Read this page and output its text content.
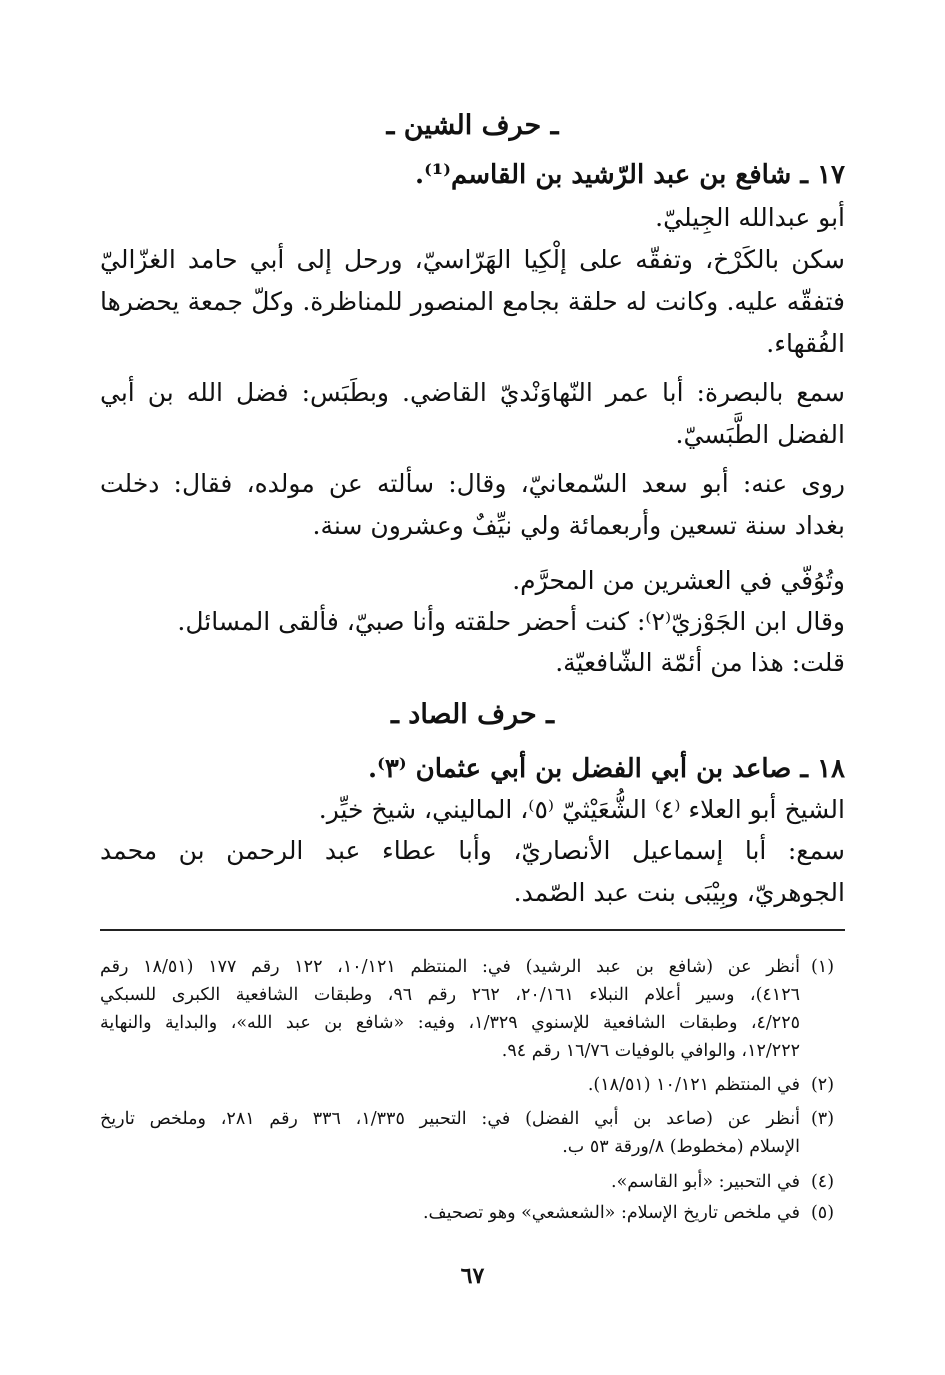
ـ حرف الشين ـ
١٧ ـ شافع بن عبد الرّشيد بن القاسم⁽¹⁾.
أبو عبدالله الجِيليّ.
سكن بالكَرْخ، وتفقّه على إلْكِيا الهَرّاسيّ، ورحل إلى أبي حامد الغزّاليّ
فتفقّه عليه. وكانت له حلقة بجامع المنصور للمناظرة. وكلّ جمعة يحضرها
الفُقهاء.
سمع بالبصرة: أبا عمر النّهاوَنْديّ القاضي. وبطَبَس: فضل الله بن أبي
الفضل الطَّبَسيّ.
روى عنه: أبو سعد السّمعانيّ، وقال: سألته عن مولده، فقال: دخلت
بغداد سنة تسعين وأربعمائة ولي نيِّفٌ وعشرون سنة.
وتُوُفّي في العشرين من المحرَّم.
وقال ابن الجَوْزيّ⁽٢⁾: كنت أحضر حلقته وأنا صبيّ، فألقى المسائل.
قلت: هذا من أئمّة الشّافعيّة.
ـ حرف الصاد ـ
١٨ ـ صاعد بن أبي الفضل بن أبي عثمان ⁽٣⁾.
الشيخ أبو العلاء ⁽٤⁾ الشُّعَيْثيّ ⁽٥⁾، الماليني، شيخ خيِّر.
سمع: أبا إسماعيل الأنصاريّ، وأبا عطاء عبد الرحمن بن محمد
الجوهريّ، وبِيْبَى بنت عبد الصّمد.
(١)
أنظر عن (شافع بن عبد الرشيد) في: المنتظم ١٠/١٢١، ١٢٢ رقم ١٧٧ (١٨/٥١ رقم
٤١٢٦)، وسير أعلام النبلاء ٢٠/١٦١، ٢٦٢ رقم ٩٦، وطبقات الشافعية الكبرى للسبكي
٤/٢٢٥، وطبقات الشافعية للإسنوي ١/٣٢٩، وفيه: «شافع بن عبد الله»، والبداية والنهاية
١٢/٢٢٢، والوافي بالوفيات ١٦/٧٦ رقم ٩٤.
(٢)
في المنتظم ١٠/١٢١ (١٨/٥١).
(٣)
أنظر عن (صاعد بن أبي الفضل) في: التحبير ١/٣٣٥، ٣٣٦ رقم ٢٨١، وملخص تاريخ
الإسلام (مخطوط) ٨/ورقة ٥٣ ب.
(٤)
في التحبير: «أبو القاسم».
(٥)
في ملخص تاريخ الإسلام: «الشعشعي» وهو تصحيف.
٦٧
